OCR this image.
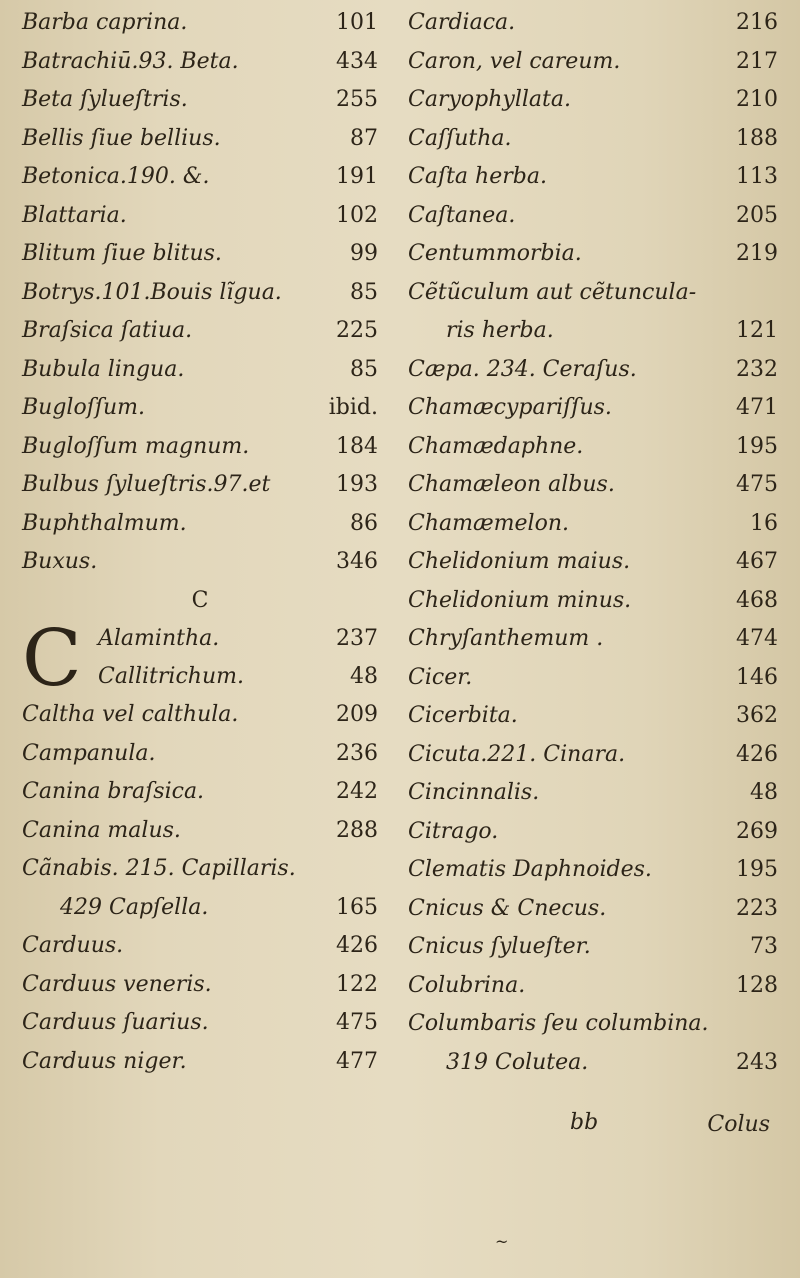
Barba caprina.	101
Batrachiū.93. Beta.	434
Beta ſylueſtris.	255
Bellis ſiue bellius.	87
Betonica.190. &.	191
Blattaria.	102
Blitum ſiue blitus.	99
Botrys.101.Bouis lĩgua.	85
Braſsica ſatiua.	225
Bubula lingua.	85
Bugloſſum.	ibid.
Bugloſſum magnum.	184
Bulbus ſylueſtris.97.et	193
Buphthalmum.	86
Buxus.	346
C
C Alamintha.	237
Callitrichum.	48
Caltha vel calthula.	209
Campanula.	236
Canina braſsica.	242
Canina malus.	288
Cãnabis. 215. Capillaris.
429 Capſella.	165
Carduus.	426
Carduus veneris.	122
Carduus ſuarius.	475
Carduus niger.	477
Cardiaca.	216
Caron, vel careum.	217
Caryophyllata.	210
Caſſutha.	188
Caſta herba.	113
Caſtanea.	205
Centummorbia.	219
Cẽtũculum aut cẽtuncula-
ris herba.	121
Cæpa. 234. Ceraſus.	232
Chamæcypariſſus.	471
Chamædaphne.	195
Chamæleon albus.	475
Chamæmelon.	16
Chelidonium maius.	467
Chelidonium minus.	468
Chryſanthemum .	474
Cicer.	146
Cicerbita.	362
Cicuta.221. Cinara.	426
Cincinnalis.	48
Citrago.	269
Clematis Daphnoides.	195
Cnicus & Cnecus.	223
Cnicus ſylueſter.	73
Colubrina.	128
Columbaris ſeu columbina.
319 Colutea.	243
bb	Colus
~
